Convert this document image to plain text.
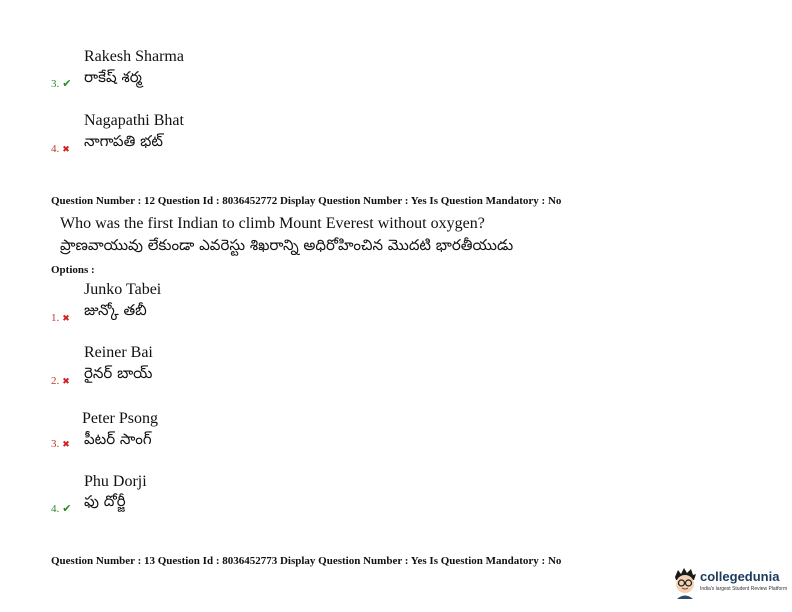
Rakesh Sharma
3. ✔ రాకేష్ శర్మ
Nagapathi Bhat
4. ✖ నాగాపతి భట్
Question Number : 12 Question Id : 8036452772 Display Question Number : Yes Is Question Mandatory : No
Who was the first Indian to climb Mount Everest without oxygen?
ప్రాణవాయువు లేకుండా ఎవరెస్టు శిఖరాన్ని అధిరోహించిన మొదటి భారతీయుడు
Options :
Junko Tabei
1. ✖ జున్కో తబీ
Reiner Bai
2. ✖ రైనర్ బాయ్
Peter Psong
3. ✖ పీటర్ సాంగ్
Phu Dorji
4. ✔ ఫు దోర్జీ
Question Number : 13 Question Id : 8036452773 Display Question Number : Yes Is Question Mandatory : No
collegedunia
India's largest Student Review Platform
